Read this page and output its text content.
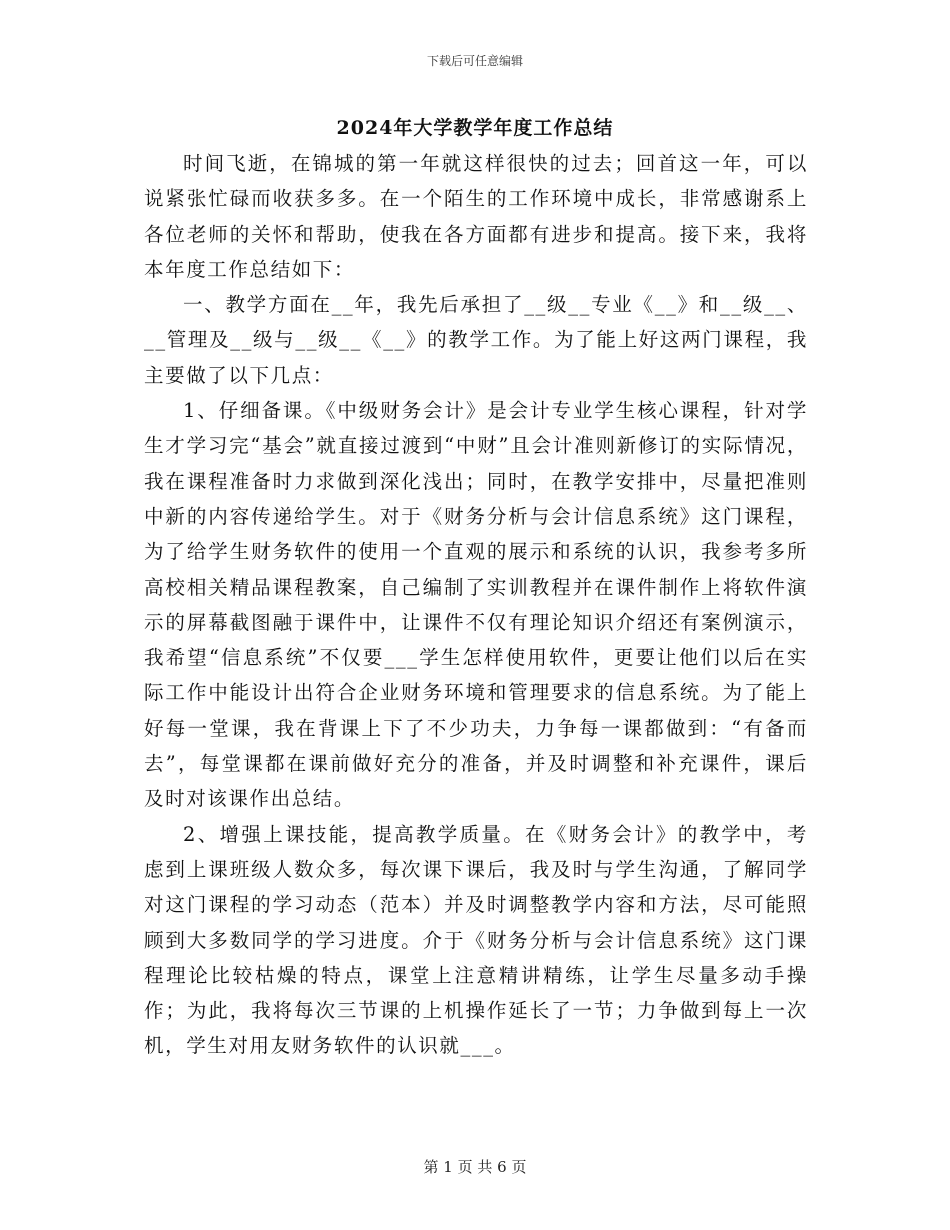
下载后可任意编辑
2024年大学教学年度工作总结

时间飞逝，在锦城的第一年就这样很快的过去；回首这一年，可以说紧张忙碌而收获多多。在一个陌生的工作环境中成长，非常感谢系上各位老师的关怀和帮助，使我在各方面都有进步和提高。接下来，我将本年度工作总结如下：

一、教学方面在__年，我先后承担了__级__专业《__》和__级__、__管理及__级与__级__《__》的教学工作。为了能上好这两门课程，我主要做了以下几点：

1、仔细备课。《中级财务会计》是会计专业学生核心课程，针对学生才学习完“基会”就直接过渡到“中财”且会计准则新修订的实际情况，我在课程准备时力求做到深化浅出；同时，在教学安排中，尽量把准则中新的内容传递给学生。对于《财务分析与会计信息系统》这门课程，为了给学生财务软件的使用一个直观的展示和系统的认识，我参考多所高校相关精品课程教案，自己编制了实训教程并在课件制作上将软件演示的屏幕截图融于课件中，让课件不仅有理论知识介绍还有案例演示，我希望“信息系统”不仅要___学生怎样使用软件，更要让他们以后在实际工作中能设计出符合企业财务环境和管理要求的信息系统。为了能上好每一堂课，我在背课上下了不少功夫，力争每一课都做到：“有备而去”，每堂课都在课前做好充分的准备，并及时调整和补充课件，课后及时对该课作出总结。

2、增强上课技能，提高教学质量。在《财务会计》的教学中，考虑到上课班级人数众多，每次课下课后，我及时与学生沟通，了解同学对这门课程的学习动态（范本）并及时调整教学内容和方法，尽可能照顾到大多数同学的学习进度。介于《财务分析与会计信息系统》这门课程理论比较枯燥的特点，课堂上注意精讲精练，让学生尽量多动手操作；为此，我将每次三节课的上机操作延长了一节；力争做到每上一次机，学生对用友财务软件的认识就___。

第 1 页 共 6 页
